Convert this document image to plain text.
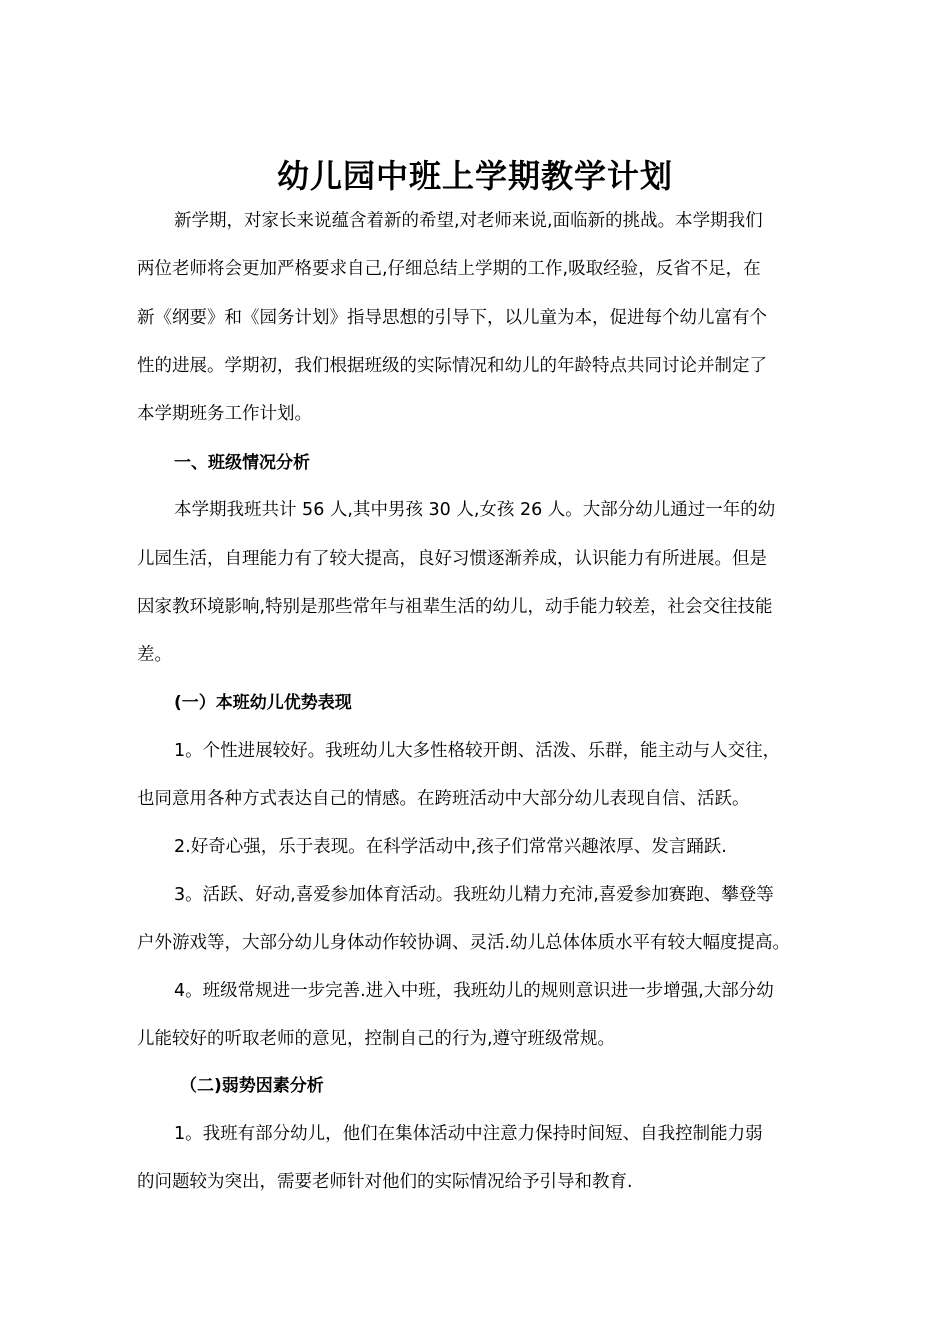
幼儿园中班上学期教学计划
新学期，对家长来说蕴含着新的希望,对老师来说,面临新的挑战。本学期我们
两位老师将会更加严格要求自己,仔细总结上学期的工作,吸取经验，反省不足，在
新《纲要》和《园务计划》指导思想的引导下，以儿童为本，促进每个幼儿富有个
性的进展。学期初，我们根据班级的实际情况和幼儿的年龄特点共同讨论并制定了
本学期班务工作计划。
一、班级情况分析
本学期我班共计 56 人,其中男孩 30 人,女孩 26 人。大部分幼儿通过一年的幼
儿园生活，自理能力有了较大提高，良好习惯逐渐养成，认识能力有所进展。但是
因家教环境影响,特别是那些常年与祖辈生活的幼儿，动手能力较差，社会交往技能
差。
(一）本班幼儿优势表现
1。个性进展较好。我班幼儿大多性格较开朗、活泼、乐群，能主动与人交往，
也同意用各种方式表达自己的情感。在跨班活动中大部分幼儿表现自信、活跃。
2.好奇心强，乐于表现。在科学活动中,孩子们常常兴趣浓厚、发言踊跃.
3。活跃、好动,喜爱参加体育活动。我班幼儿精力充沛,喜爱参加赛跑、攀登等
户外游戏等，大部分幼儿身体动作较协调、灵活.幼儿总体体质水平有较大幅度提高。
4。班级常规进一步完善.进入中班，我班幼儿的规则意识进一步增强,大部分幼
儿能较好的听取老师的意见，控制自己的行为,遵守班级常规。
（二)弱势因素分析
1。我班有部分幼儿，他们在集体活动中注意力保持时间短、自我控制能力弱
的问题较为突出，需要老师针对他们的实际情况给予引导和教育.
